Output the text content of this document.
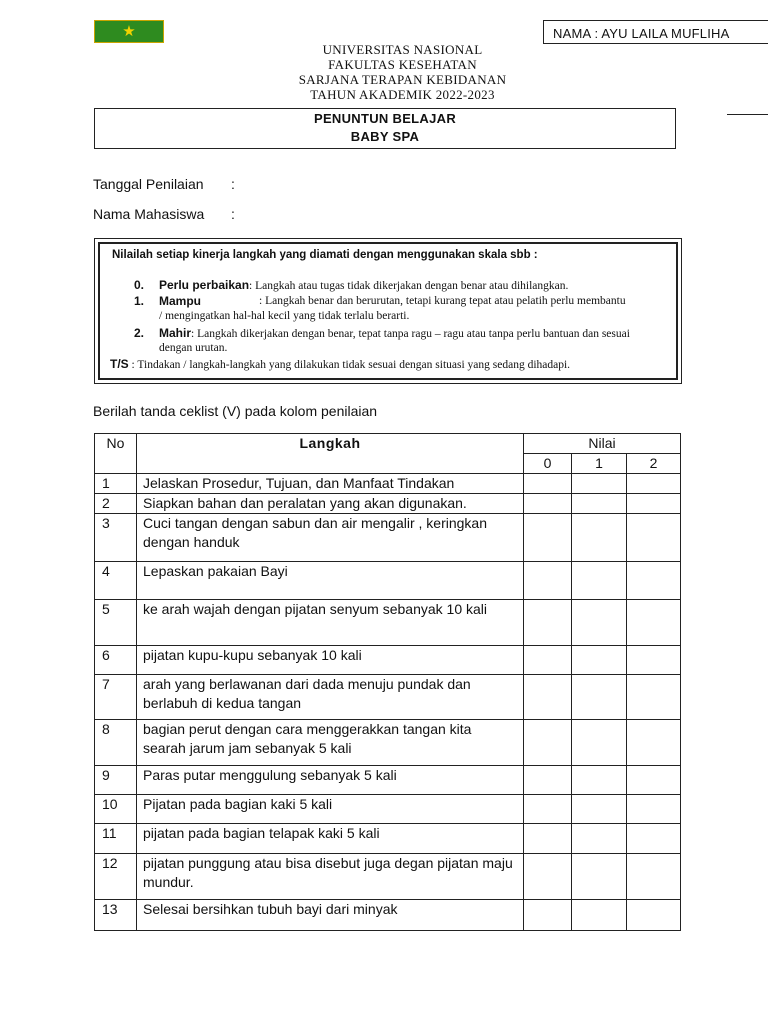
★	NAMA : AYU LAILA MUFLIHA
UNIVERSITAS NASIONAL
FAKULTAS KESEHATAN
SARJANA TERAPAN KEBIDANAN
TAHUN AKADEMIK 2022-2023
PENUNTUN BELAJAR
BABY SPA
Tanggal Penilaian :
Nama Mahasiswa :
Nilailah setiap kinerja langkah yang diamati dengan menggunakan skala sbb :
0. Perlu perbaikan: Langkah atau tugas tidak dikerjakan dengan benar atau dihilangkan.
1. Mampu	: Langkah benar dan berurutan, tetapi kurang tepat atau pelatih perlu membantu
/ mengingatkan hal-hal kecil yang tidak terlalu berarti.
2. Mahir: Langkah dikerjakan dengan benar, tepat tanpa ragu – ragu atau tanpa perlu bantuan dan sesuai
dengan urutan.
T/S : Tindakan / langkah-langkah yang dilakukan tidak sesuai dengan situasi yang sedang dihadapi.
Berilah tanda ceklist (V) pada kolom penilaian
No	Langkah	Nilai		
		0	1	2
1	Jelaskan Prosedur, Tujuan, dan Manfaat Tindakan			
2	Siapkan bahan dan peralatan yang akan digunakan.			
3	Cuci tangan dengan sabun dan air mengalir , keringkan dengan handuk			
4	Lepaskan pakaian Bayi			
5	ke arah wajah dengan pijatan senyum sebanyak 10 kali			
6	pijatan kupu-kupu sebanyak 10 kali			
7	arah yang berlawanan dari dada menuju pundak dan berlabuh di kedua tangan			
8	bagian perut dengan cara menggerakkan tangan kita searah jarum jam sebanyak 5 kali			
9	Paras putar menggulung sebanyak 5 kali			
10	Pijatan pada bagian kaki 5 kali			
11	pijatan pada bagian telapak kaki 5 kali			
12	pijatan punggung atau bisa disebut juga degan pijatan maju mundur.			
13	Selesai bersihkan tubuh bayi dari minyak			
